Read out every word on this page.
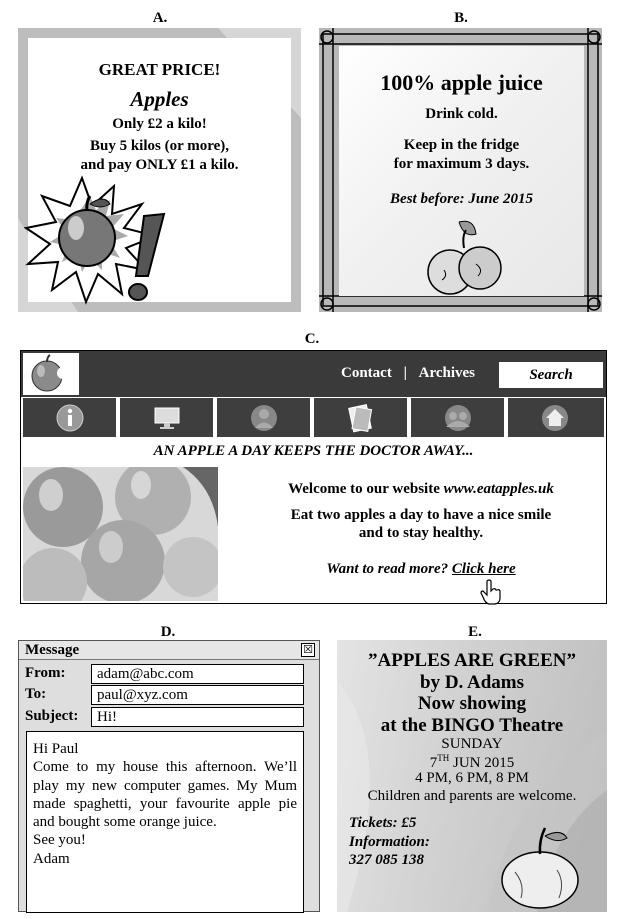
A.	B.
C.
D.	E.
GREAT PRICE!
Apples
Only £2 a kilo!
Buy 5 kilos (or more),
and pay ONLY £1 a kilo.
100% apple juice
Drink cold.
Keep in the fridge
for maximum 3 days.
Best before: June 2015
Contact | Archives	Search
AN APPLE A DAY KEEPS THE DOCTOR AWAY...
Welcome to our website www.eatapples.uk
Eat two apples a day to have a nice smile
and to stay healthy.
Want to read more? Click here
Message	☒
From:	adam@abc.com
To:	paul@xyz.com
Subject:	Hi!

Hi Paul

Come to my house this afternoon. We’ll play my new computer games. My Mum made spaghetti, your favourite apple pie and bought some orange juice.

See you!

Adam

”APPLES ARE GREEN”
by D. Adams
Now showing
at the BINGO Theatre
SUNDAY
7TH JUN 2015
4 PM, 6 PM, 8 PM
Children and parents are welcome.
Tickets: £5
Information:
327 085 138
